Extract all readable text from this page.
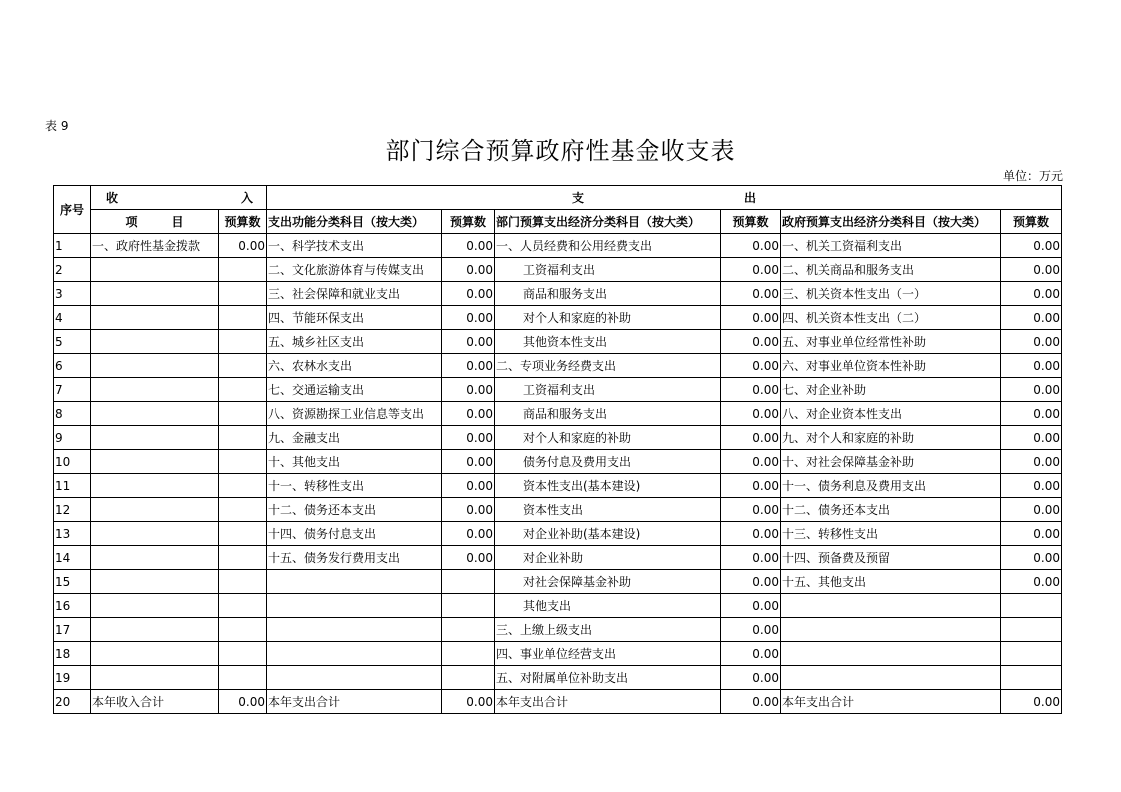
表 9
部门综合预算政府性基金收支表
单位：万元
序号	收 入		支 出					
	项 目	预算数	支出功能分类科目（按大类）	预算数	部门预算支出经济分类科目（按大类）	预算数	政府预算支出经济分类科目（按大类）	预算数
1	一、政府性基金拨款	0.00	一、科学技术支出	0.00	一、人员经费和公用经费支出	0.00	一、机关工资福利支出	0.00
2			二、文化旅游体育与传媒支出	0.00	工资福利支出	0.00	二、机关商品和服务支出	0.00
3			三、社会保障和就业支出	0.00	商品和服务支出	0.00	三、机关资本性支出（一）	0.00
4			四、节能环保支出	0.00	对个人和家庭的补助	0.00	四、机关资本性支出（二）	0.00
5			五、城乡社区支出	0.00	其他资本性支出	0.00	五、对事业单位经常性补助	0.00
6			六、农林水支出	0.00	二、专项业务经费支出	0.00	六、对事业单位资本性补助	0.00
7			七、交通运输支出	0.00	工资福利支出	0.00	七、对企业补助	0.00
8			八、资源勘探工业信息等支出	0.00	商品和服务支出	0.00	八、对企业资本性支出	0.00
9			九、金融支出	0.00	对个人和家庭的补助	0.00	九、对个人和家庭的补助	0.00
10			十、其他支出	0.00	债务付息及费用支出	0.00	十、对社会保障基金补助	0.00
11			十一、转移性支出	0.00	资本性支出(基本建设)	0.00	十一、债务利息及费用支出	0.00
12			十二、债务还本支出	0.00	资本性支出	0.00	十二、债务还本支出	0.00
13			十四、债务付息支出	0.00	对企业补助(基本建设)	0.00	十三、转移性支出	0.00
14			十五、债务发行费用支出	0.00	对企业补助	0.00	十四、预备费及预留	0.00
15					对社会保障基金补助	0.00	十五、其他支出	0.00
16					其他支出	0.00		
17					三、上缴上级支出	0.00		
18					四、事业单位经营支出	0.00		
19					五、对附属单位补助支出	0.00		
20	本年收入合计	0.00	本年支出合计	0.00	本年支出合计	0.00	本年支出合计	0.00
